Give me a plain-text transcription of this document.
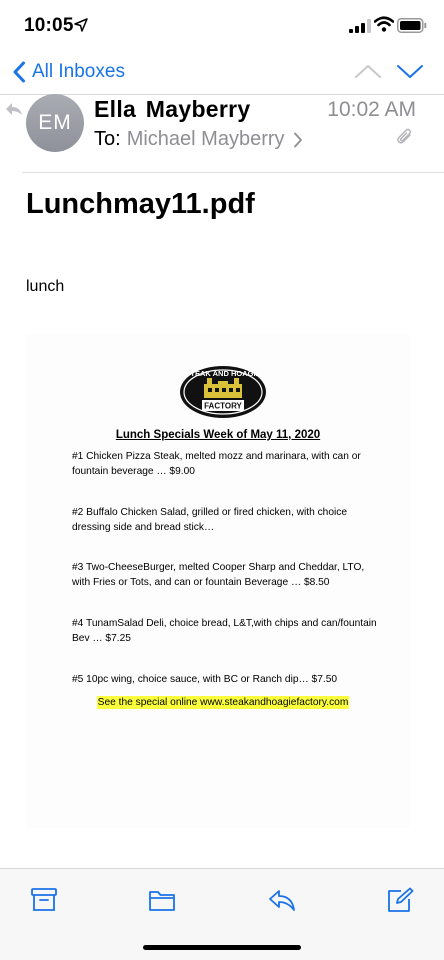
10:05
All Inboxes
EM
Ella Mayberry	10:02 AM
To: Michael Mayberry
Lunchmay11.pdf
lunch
STEAK AND HOAGIE
FACTORY
Lunch Specials Week of May 11, 2020
#1 Chicken Pizza Steak, melted mozz and marinara, with can or fountain beverage … $9.00
#2 Buffalo Chicken Salad, grilled or fired chicken, with choice dressing side and bread stick…
#3 Two-CheeseBurger, melted Cooper Sharp and Cheddar, LTO, with Fries or Tots, and can or fountain Beverage … $8.50
#4 TunamSalad Deli, choice bread, L&T,with chips and can/fountain Bev … $7.25
#5 10pc wing, choice sauce, with BC or Ranch dip… $7.50
See the special online www.steakandhoagiefactory.com
